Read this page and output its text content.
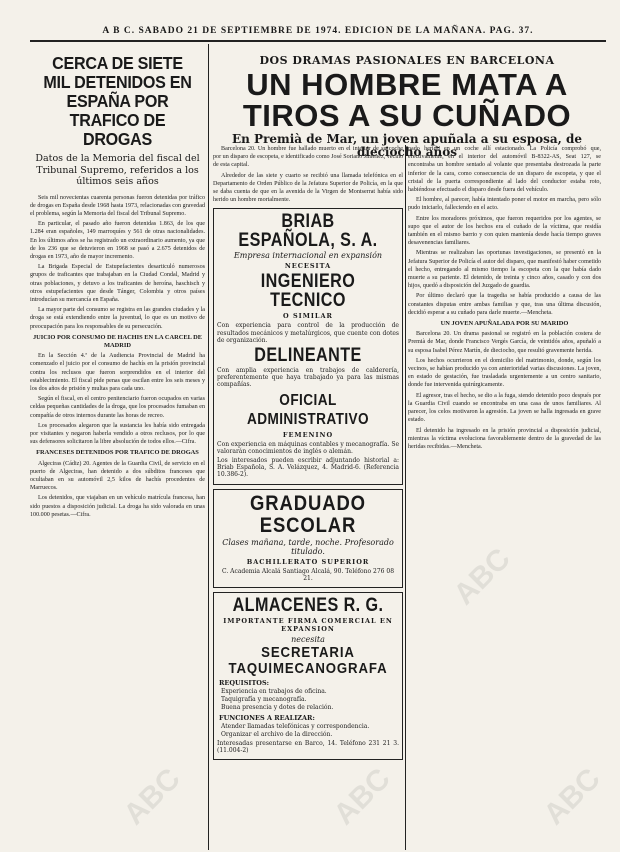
A B C. SABADO 21 DE SEPTIEMBRE DE 1974. EDICION DE LA MAÑANA. PAG. 37.
CERCA DE SIETE MIL DETENIDOS EN ESPAÑA POR TRAFICO DE DROGAS
Datos de la Memoria del fiscal del Tribunal Supremo, referidos a los últimos seis años

Seis mil novecientas cuarenta personas fueron detenidas por tráfico de drogas en España desde 1968 hasta 1973, relacionadas con gravedad el problema, según la Memoria del fiscal del Tribunal Supremo.

En particular, el pasado año fueron detenidas 1.863, de los que 1.284 eran españoles, 149 marroquíes y 561 de otras nacionalidades. En los últimos años se ha registrado un extraordinario aumento, ya que de los 236 que se detuvieron en 1968 se pasó a 2.675 detenidos de drogas en 1973, año de mayor incremento.

La Brigada Especial de Estupefacientes desarticuló numerosos grupos de traficantes que trabajaban en la Ciudad Condal, Madrid y otras poblaciones, y detuvo a los traficantes de heroína, haschisch y otros estupefacientes que desde Tánger, Colombia y otros países introducían su mercancía en España.

La mayor parte del consumo se registra en las grandes ciudades y la droga se está extendiendo entre la juventud, lo que es un motivo de preocupación para los responsables de su persecución.

JUICIO POR CONSUMO DE HACHIS EN LA CARCEL DE MADRID

En la Sección 4.ª de la Audiencia Provincial de Madrid ha comenzado el juicio por el consumo de hachís en la prisión provincial contra los reclusos que fueron sorprendidos en el interior del establecimiento. El fiscal pide penas que oscilan entre los seis meses y los dos años de prisión y multas para cada uno.

Según el fiscal, en el centro penitenciario fueron ocupados en varias celdas pequeñas cantidades de la droga, que los procesados fumaban en compañía de otros internos durante las horas de recreo.

Los procesados alegaron que la sustancia les había sido entregada por visitantes y negaron haberla vendido a otros reclusos, por lo que sus defensores solicitaron la libre absolución de todos ellos.—Cifra.

FRANCESES DETENIDOS POR TRAFICO DE DROGAS

Algeciras (Cádiz) 20. Agentes de la Guardia Civil, de servicio en el puerto de Algeciras, han detenido a dos súbditos franceses que ocultaban en su automóvil 2,5 kilos de hachís procedentes de Marruecos.

Los detenidos, que viajaban en un vehículo matrícula francesa, han sido puestos a disposición judicial. La droga ha sido valorada en unas 100.000 pesetas.—Cifra.

DOS DRAMAS PASIONALES EN BARCELONA

UN HOMBRE MATA A TIROS A SU CUÑADO
En Premià de Mar, un joven apuñala a su esposa, de dieciocho años

Barcelona 20. Un hombre fue hallado muerto en el interior de su coche por un disparo de escopeta, e identificado como José Soriano Jiménez, vecino de esta capital.

Alrededor de las siete y cuarto se recibió una llamada telefónica en el Departamento de Orden Público de la Jefatura Superior de Policía, en la que se daba cuenta de que en la avenida de la Virgen de Montserrat había sido herido un hombre mortalmente.

BRIAB ESPAÑOLA, S. A.
Empresa internacional en expansión
NECESITA
INGENIERO TECNICO
O SIMILAR
Con experiencia para control de la producción de resultados mecánicos y metalúrgicos, que cuente con dotes de organización.
DELINEANTE
Con amplia experiencia en trabajos de calderería, preferentemente que haya trabajado ya para las mismas compañías.
OFICIAL ADMINISTRATIVO
FEMENINO
Con experiencia en máquinas contables y mecanografía. Se valorarán conocimientos de inglés o alemán.
Los interesados pueden escribir adjuntando historial a: Briab Española, S. A. Velázquez, 4. Madrid-6. (Referencia 10.386-2).
GRADUADO ESCOLAR
Clases mañana, tarde, noche. Profesorado titulado.
BACHILLERATO SUPERIOR
C. Academia Alcalá Santiago Alcalá, 90. Teléfono 276 08 21.
ALMACENES R. G.
IMPORTANTE FIRMA COMERCIAL EN EXPANSION
necesita
SECRETARIA TAQUIMECANOGRAFA
REQUISITOS:
Experiencia en trabajos de oficina.
Taquigrafía y mecanografía.
Buena presencia y dotes de relación.
FUNCIONES A REALIZAR:
Atender llamadas telefónicas y correspondencia.
Organizar el archivo de la dirección.
Interesadas presentarse en Barco, 14. Teléfono 231 21 3. (11.004-2)

nado herido en un coche allí estacionado. La Policía comprobó que, efectivamente, en el interior del automóvil B-8322-AS, Seat 127, se encontraba un hombre sentado al volante que presentaba destrozada la parte inferior de la cara, como consecuencia de un disparo de escopeta, y que el cristal de la puerta correspondiente al lado del conductor estaba roto, habiéndose efectuado el disparo desde fuera del vehículo.

El hombre, al parecer, había intentado poner el motor en marcha, pero sólo pudo iniciarlo, falleciendo en el acto.

Entre los moradores próximos, que fueron requeridos por los agentes, se supo que el autor de los hechos era el cuñado de la víctima, que residía también en el mismo barrio y con quien mantenía desde hacía tiempo graves desavenencias familiares.

Mientras se realizaban las oportunas investigaciones, se presentó en la Jefatura Superior de Policía el autor del disparo, que manifestó haber cometido el hecho, entregando al mismo tiempo la escopeta con la que había dado muerte a su pariente. El detenido, de treinta y cinco años, casado y con dos hijos, quedó a disposición del Juzgado de guardia.

Por último declaró que la tragedia se había producido a causa de las constantes disputas entre ambas familias y que, tras una última discusión, decidió esperar a su cuñado para darle muerte.—Mencheta.

UN JOVEN APUÑALADA POR SU MARIDO

Barcelona 20. Un drama pasional se registró en la población costera de Premià de Mar, donde Francisco Vergés García, de veintidós años, apuñaló a su esposa Isabel Pérez Martín, de dieciocho, que resultó gravemente herida.

Los hechos ocurrieron en el domicilio del matrimonio, donde, según los vecinos, se habían producido ya con anterioridad varias discusiones. La joven, en estado de gestación, fue trasladada urgentemente a un centro sanitario, donde fue intervenida quirúrgicamente.

El agresor, tras el hecho, se dio a la fuga, siendo detenido poco después por la Guardia Civil cuando se encontraba en una casa de unos familiares. Al parecer, los celos motivaron la agresión. La joven se halla ingresada en grave estado.

El detenido ha ingresado en la prisión provincial a disposición judicial, mientras la víctima evoluciona favorablemente dentro de la gravedad de las heridas recibidas.—Mencheta.

ABC	ABC	ABC
ABC
